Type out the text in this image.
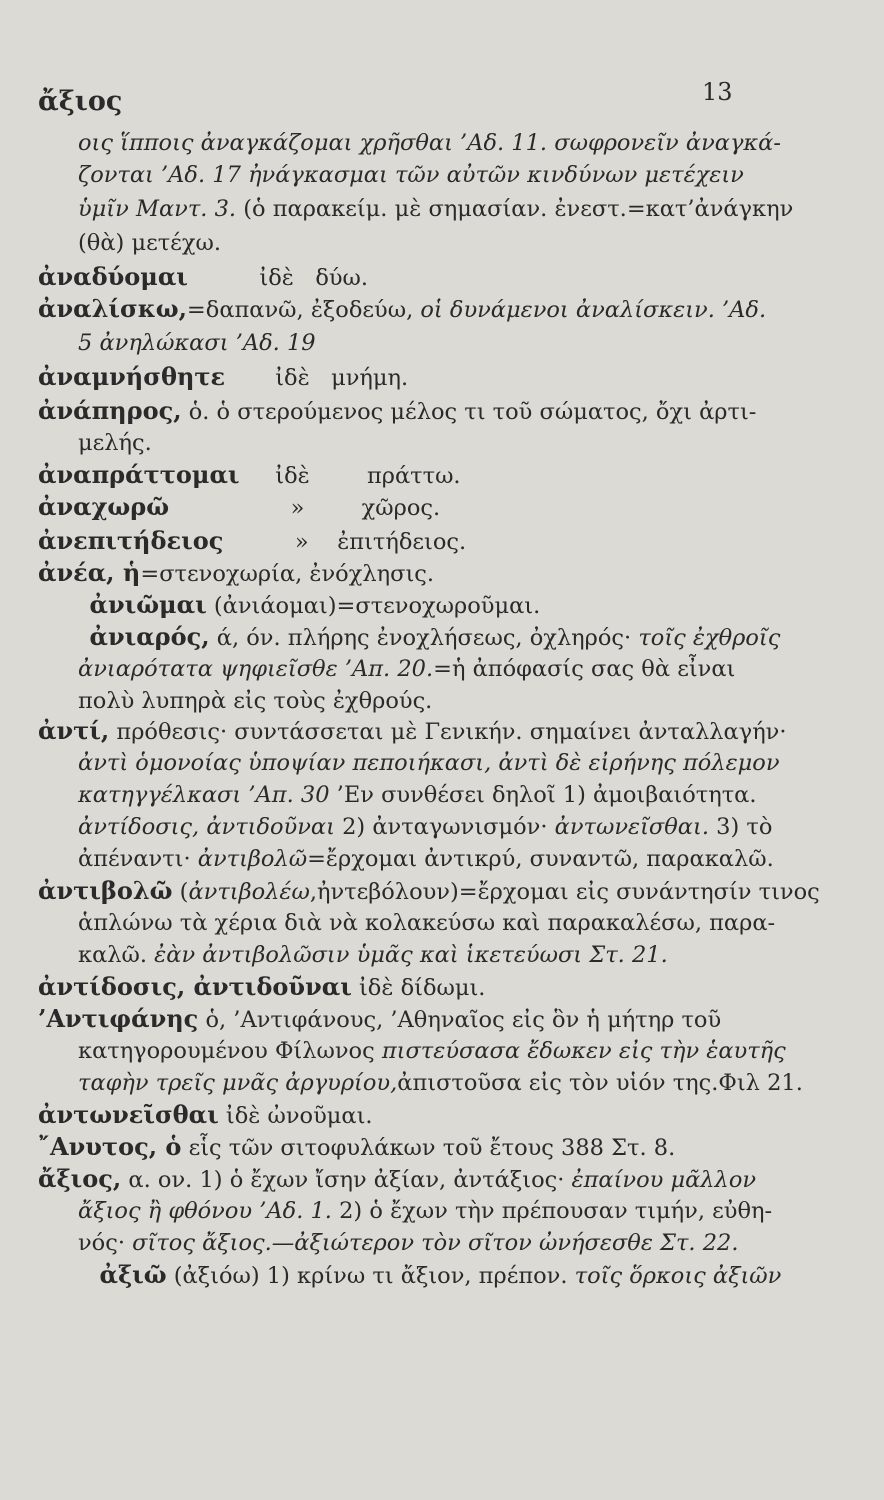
ἄξιος	13
οις ἵπποις ἀναγκάζομαι χρῆσθαι ’Αδ. 11. σωφρονεῖν ἀναγκά-
ζονται ’Αδ. 17 ἠνάγκασμαι τῶν αὐτῶν κινδύνων μετέχειν
ὑμῖν Μαντ. 3. (ὁ παρακείμ. μὲ σημασίαν. ἐνεστ.=κατ’ἀνάγκην
(θὰ) μετέχω.
ἀναδύομαι          ἰδὲ   δύω.
ἀναλίσκω,=δαπανῶ, ἐξοδεύω, οἱ δυνάμενοι ἀναλίσκειν. ’Αδ.
5 ἀνηλώκασι ’Αδ. 19
ἀναμνήσθητε       ἰδὲ   μνήμη.
ἀνάπηρος, ὁ. ὁ στερούμενος μέλος τι τοῦ σώματος, ὄχι ἀρτι-
μελής.
ἀναπράττομαι     ἰδὲ        πράττω.
ἀναχωρῶ                 »        χῶρος.
ἀνεπιτήδειος          »    ἐπιτήδειος.
ἀνέα, ἡ=στενοχωρία, ἐνόχλησις.
ἀνιῶμαι (ἀνιάομαι)=στενοχωροῦμαι.
ἀνιαρός, ά, όν. πλήρης ἐνοχλήσεως, ὀχληρός· τοῖς ἐχθροῖς
ἀνιαρότατα ψηφιεῖσθε ’Απ. 20.=ἡ ἀπόφασίς σας θὰ εἶναι
πολὺ λυπηρὰ εἰς τοὺς ἐχθρούς.
ἀντί, πρόθεσις· συντάσσεται μὲ Γενικήν. σημαίνει ἀνταλλαγήν·
ἀντὶ ὁμονοίας ὑποψίαν πεποιήκασι, ἀντὶ δὲ εἰρήνης πόλεμον
κατηγγέλκασι ’Απ. 30 ’Εν συνθέσει δηλοῖ 1) ἀμοιβαιότητα.
ἀντίδοσις, ἀντιδοῦναι 2) ἀνταγωνισμόν· ἀντωνεῖσθαι. 3) τὸ
ἀπέναντι· ἀντιβολῶ=ἔρχομαι ἀντικρύ, συναντῶ, παρακαλῶ.
ἀντιβολῶ (ἀντιβολέω,ἠντεβόλουν)=ἔρχομαι εἰς συνάντησίν τινος
ἁπλώνω τὰ χέρια διὰ νὰ κολακεύσω καὶ παρακαλέσω, παρα-
καλῶ. ἐὰν ἀντιβολῶσιν ὑμᾶς καὶ ἱκετεύωσι Στ. 21.
ἀντίδοσις, ἀντιδοῦναι ἰδὲ δίδωμι.
’Αντιφάνης ὁ, ’Αντιφάνους, ’Αθηναῖος εἰς ὃν ἡ μήτηρ τοῦ
κατηγορουμένου Φίλωνος πιστεύσασα ἔδωκεν εἰς τὴν ἑαυτῆς
ταφὴν τρεῖς μνᾶς ἀργυρίου,ἀπιστοῦσα εἰς τὸν υἱόν της.Φιλ 21.
ἀντωνεῖσθαι ἰδὲ ὠνοῦμαι.
῎Ανυτος, ὁ εἷς τῶν σιτοφυλάκων τοῦ ἔτους 388 Στ. 8.
ἄξιος, α. ον. 1) ὁ ἔχων ἴσην ἀξίαν, ἀντάξιος· ἐπαίνου μᾶλλον
ἄξιος ἢ φθόνου ’Αδ. 1. 2) ὁ ἔχων τὴν πρέπουσαν τιμήν, εὐθη-
νός· σῖτος ἄξιος.—ἀξιώτερον τὸν σῖτον ὠνήσεσθε Στ. 22.
ἀξιῶ (ἀξιόω) 1) κρίνω τι ἄξιον, πρέπον. τοῖς ὅρκοις ἀξιῶν
